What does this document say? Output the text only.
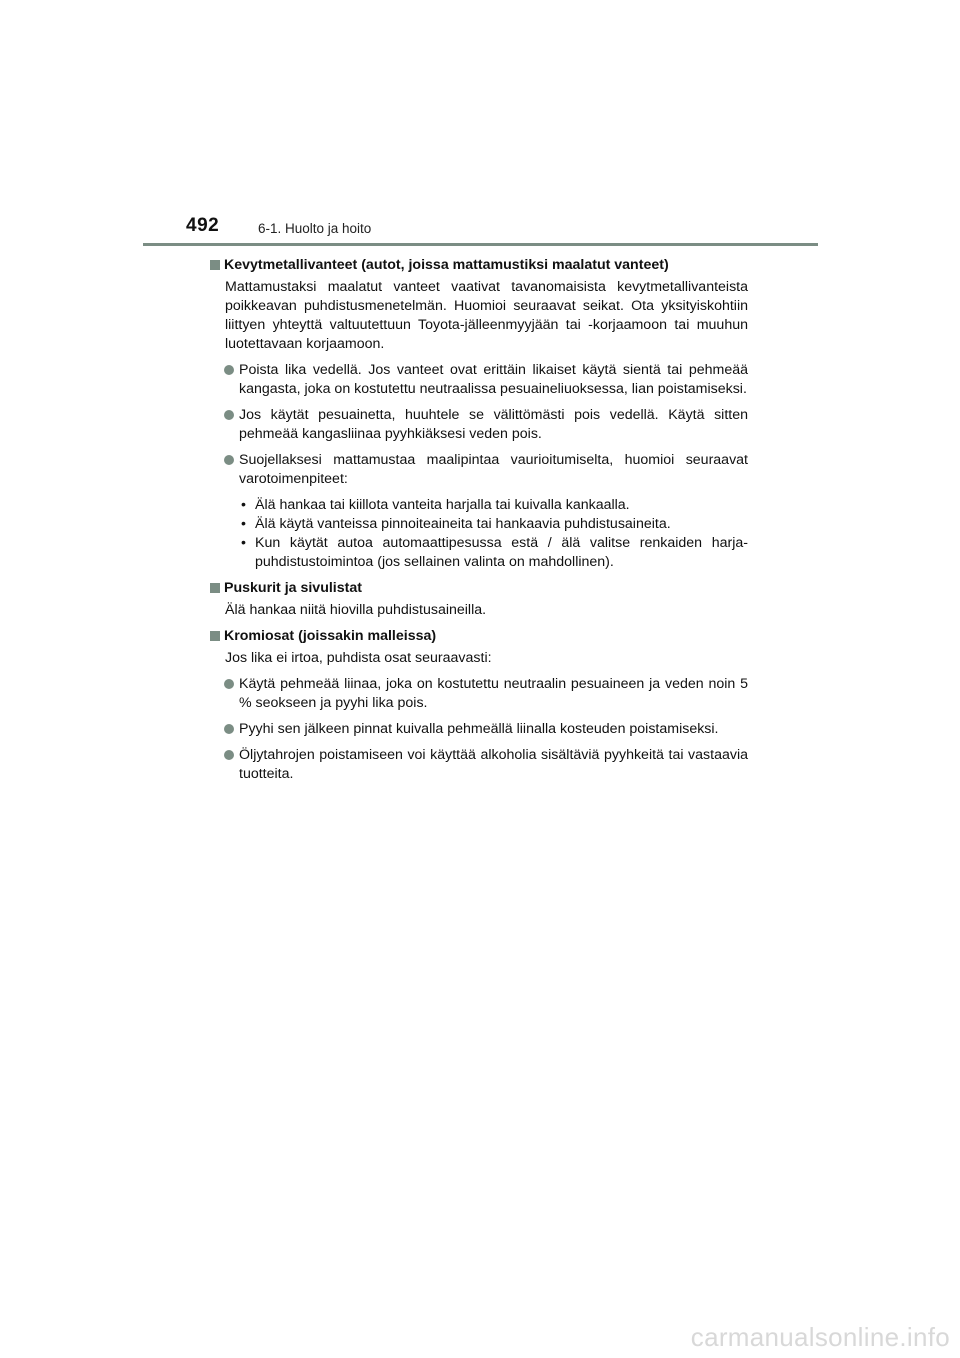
492	6-1. Huolto ja hoito
Kevytmetallivanteet (autot, joissa mattamustiksi maalatut vanteet)
Mattamustaksi maalatut vanteet vaativat tavanomaisista kevytmetallivanteista poikkeavan puhdistusmenetelmän. Huomioi seuraavat seikat. Ota yksityiskohtiin liittyen yhteyttä valtuutettuun Toyota-jälleenmyyjään tai -korjaamoon tai muuhun luotettavaan korjaamoon.
Poista lika vedellä. Jos vanteet ovat erittäin likaiset käytä sientä tai pehmeää kangasta, joka on kostutettu neutraalissa pesuaineliuoksessa, lian poistamiseksi.
Jos käytät pesuainetta, huuhtele se välittömästi pois vedellä. Käytä sitten pehmeää kangasliinaa pyyhkiäksesi veden pois.
Suojellaksesi mattamustaa maalipintaa vaurioitumiselta, huomioi seuraavat varotoimenpiteet:
• Älä hankaa tai kiillota vanteita harjalla tai kuivalla kankaalla.
• Älä käytä vanteissa pinnoiteaineita tai hankaavia puhdistusaineita.
• Kun käytät autoa automaattipesussa estä / älä valitse renkaiden harjapuhdistustoimintoa (jos sellainen valinta on mahdollinen).
Puskurit ja sivulistat
Älä hankaa niitä hiovilla puhdistusaineilla.
Kromiosat (joissakin malleissa)
Jos lika ei irtoa, puhdista osat seuraavasti:
Käytä pehmeää liinaa, joka on kostutettu neutraalin pesuaineen ja veden noin 5 % seokseen ja pyyhi lika pois.
Pyyhi sen jälkeen pinnat kuivalla pehmeällä liinalla kosteuden poistamiseksi.
Öljytahrojen poistamiseen voi käyttää alkoholia sisältäviä pyyhkeitä tai vastaavia tuotteita.
carmanualsonline.info
